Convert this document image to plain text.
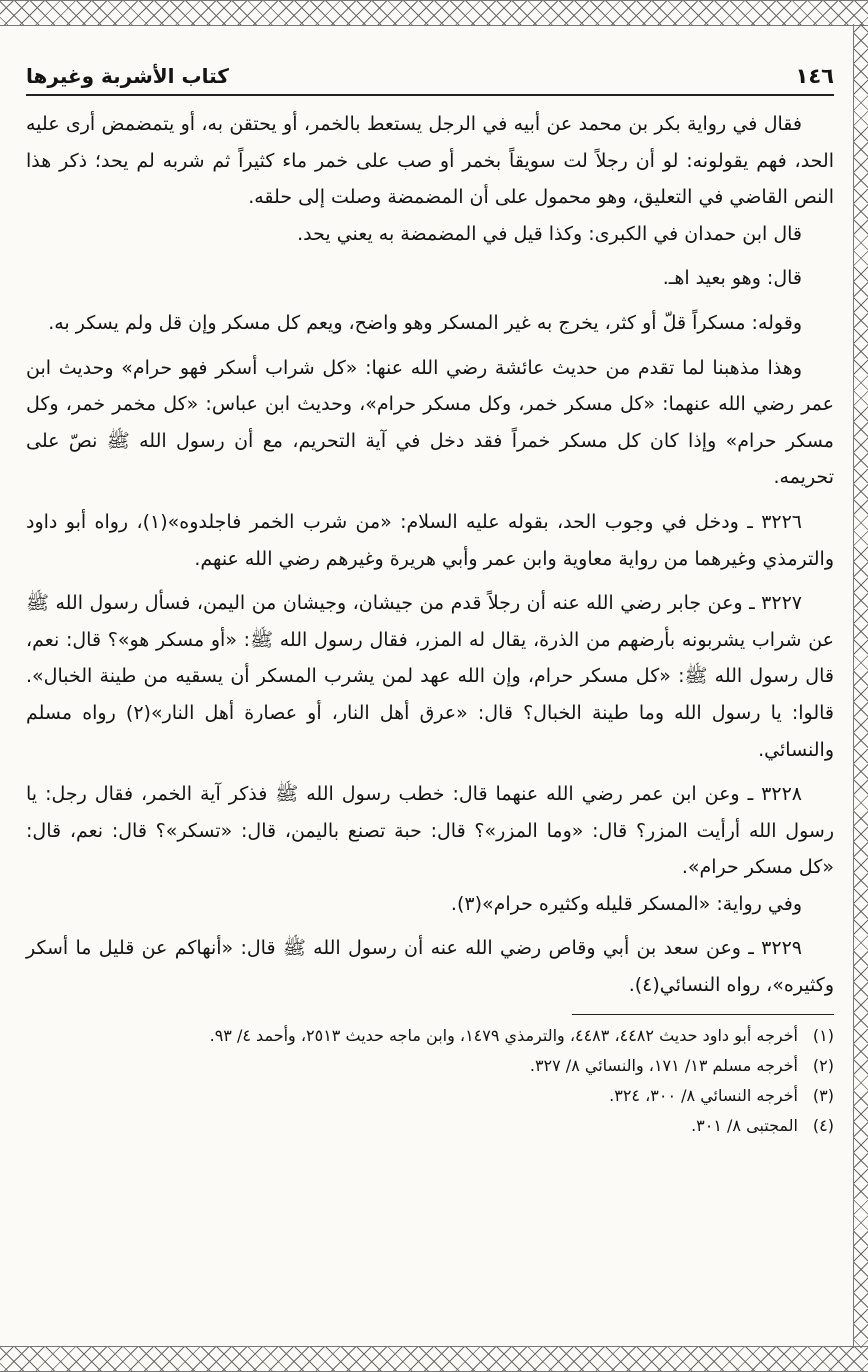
١٤٦
كتاب الأشربة وغيرها

فقال في رواية بكر بن محمد عن أبيه في الرجل يستعط بالخمر، أو يحتقن به، أو يتمضمض أرى عليه الحد، فهم يقولونه: لو أن رجلاً لت سويقاً بخمر أو صب على خمر ماء كثيراً ثم شربه لم يحد؛ ذكر هذا النص القاضي في التعليق، وهو محمول على أن المضمضة وصلت إلى حلقه.

قال ابن حمدان في الكبرى: وكذا قيل في المضمضة به يعني يحد.

قال: وهو بعيد اهـ.

وقوله: مسكراً قلّ أو كثر، يخرج به غير المسكر وهو واضح، ويعم كل مسكر وإن قل ولم يسكر به.

وهذا مذهبنا لما تقدم من حديث عائشة رضي الله عنها: «كل شراب أسكر فهو حرام» وحديث ابن عمر رضي الله عنهما: «كل مسكر خمر، وكل مسكر حرام»، وحديث ابن عباس: «كل مخمر خمر، وكل مسكر حرام» وإذا كان كل مسكر خمراً فقد دخل في آية التحريم، مع أن رسول الله ﷺ نصّ على تحريمه.

٣٢٢٦ ـ ودخل في وجوب الحد، بقوله عليه السلام: «من شرب الخمر فاجلدوه»(١)، رواه أبو داود والترمذي وغيرهما من رواية معاوية وابن عمر وأبي هريرة وغيرهم رضي الله عنهم.

٣٢٢٧ ـ وعن جابر رضي الله عنه أن رجلاً قدم من جيشان، وجيشان من اليمن، فسأل رسول الله ﷺ عن شراب يشربونه بأرضهم من الذرة، يقال له المزر، فقال رسول الله ﷺ: «أو مسكر هو»؟ قال: نعم، قال رسول الله ﷺ: «كل مسكر حرام، وإن الله عهد لمن يشرب المسكر أن يسقيه من طينة الخبال». قالوا: يا رسول الله وما طينة الخبال؟ قال: «عرق أهل النار، أو عصارة أهل النار»(٢) رواه مسلم والنسائي.

٣٢٢٨ ـ وعن ابن عمر رضي الله عنهما قال: خطب رسول الله ﷺ فذكر آية الخمر، فقال رجل: يا رسول الله أرأيت المزر؟ قال: «وما المزر»؟ قال: حبة تصنع باليمن، قال: «تسكر»؟ قال: نعم، قال: «كل مسكر حرام».

وفي رواية: «المسكر قليله وكثيره حرام»(٣).

٣٢٢٩ ـ وعن سعد بن أبي وقاص رضي الله عنه أن رسول الله ﷺ قال: «أنهاكم عن قليل ما أسكر وكثيره»، رواه النسائي(٤).

(١)
أخرجه أبو داود حديث ٤٤٨٢، ٤٤٨٣، والترمذي ١٤٧٩، وابن ماجه حديث ٢٥١٣، وأحمد ٤/ ٩٣.

(٢)
أخرجه مسلم ١٣/ ١٧١، والنسائي ٨/ ٣٢٧.

(٣)
أخرجه النسائي ٨/ ٣٠٠، ٣٢٤.

(٤)
المجتبى ٨/ ٣٠١.
